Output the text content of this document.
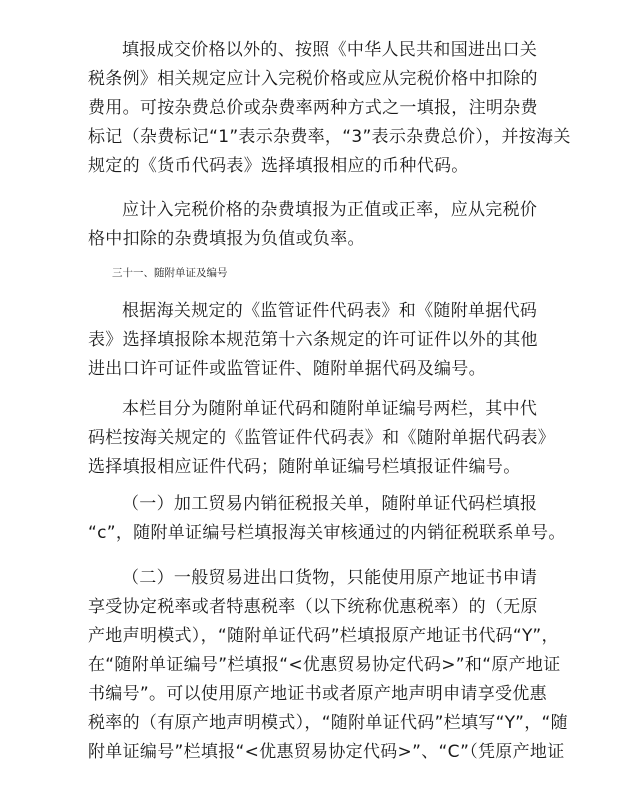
填报成交价格以外的、按照《中华人民共和国进出口关
税条例》相关规定应计入完税价格或应从完税价格中扣除的
费用。可按杂费总价或杂费率两种方式之一填报，注明杂费
标记（杂费标记“1”表示杂费率，“3”表示杂费总价），并按海关
规定的《货币代码表》选择填报相应的币种代码。
应计入完税价格的杂费填报为正值或正率，应从完税价
格中扣除的杂费填报为负值或负率。
三十一、随附单证及编号
根据海关规定的《监管证件代码表》和《随附单据代码
表》选择填报除本规范第十六条规定的许可证件以外的其他
进出口许可证件或监管证件、随附单据代码及编号。
本栏目分为随附单证代码和随附单证编号两栏，其中代
码栏按海关规定的《监管证件代码表》和《随附单据代码表》
选择填报相应证件代码；随附单证编号栏填报证件编号。
（一）加工贸易内销征税报关单，随附单证代码栏填报
“c”，随附单证编号栏填报海关审核通过的内销征税联系单号。
（二）一般贸易进出口货物，只能使用原产地证书申请
享受协定税率或者特惠税率（以下统称优惠税率）的（无原
产地声明模式），“随附单证代码”栏填报原产地证书代码“Y”，
在“随附单证编号”栏填报“<优惠贸易协定代码>”和“原产地证
书编号”。可以使用原产地证书或者原产地声明申请享受优惠
税率的（有原产地声明模式），“随附单证代码”栏填写“Y”，“随
附单证编号”栏填报“<优惠贸易协定代码>”、“C”（凭原产地证
